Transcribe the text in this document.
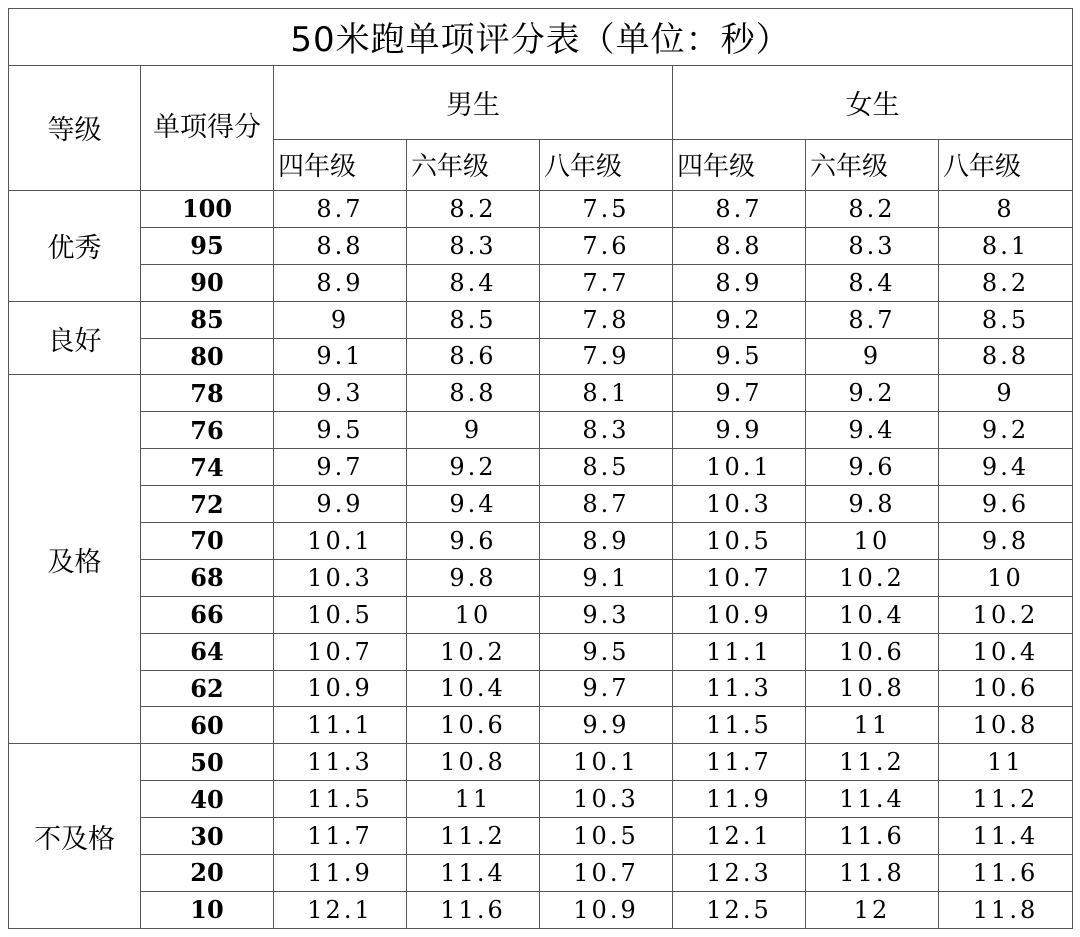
50米跑单项评分表（单位：秒）							
等级	单项得分	男生			女生		
		四年级	六年级	八年级	四年级	六年级	八年级
优秀	100	8.7	8.2	7.5	8.7	8.2	8
	95	8.8	8.3	7.6	8.8	8.3	8.1
	90	8.9	8.4	7.7	8.9	8.4	8.2
良好	85	9	8.5	7.8	9.2	8.7	8.5
	80	9.1	8.6	7.9	9.5	9	8.8
及格	78	9.3	8.8	8.1	9.7	9.2	9
	76	9.5	9	8.3	9.9	9.4	9.2
	74	9.7	9.2	8.5	10.1	9.6	9.4
	72	9.9	9.4	8.7	10.3	9.8	9.6
	70	10.1	9.6	8.9	10.5	10	9.8
	68	10.3	9.8	9.1	10.7	10.2	10
	66	10.5	10	9.3	10.9	10.4	10.2
	64	10.7	10.2	9.5	11.1	10.6	10.4
	62	10.9	10.4	9.7	11.3	10.8	10.6
	60	11.1	10.6	9.9	11.5	11	10.8
不及格	50	11.3	10.8	10.1	11.7	11.2	11
	40	11.5	11	10.3	11.9	11.4	11.2
	30	11.7	11.2	10.5	12.1	11.6	11.4
	20	11.9	11.4	10.7	12.3	11.8	11.6
	10	12.1	11.6	10.9	12.5	12	11.8
